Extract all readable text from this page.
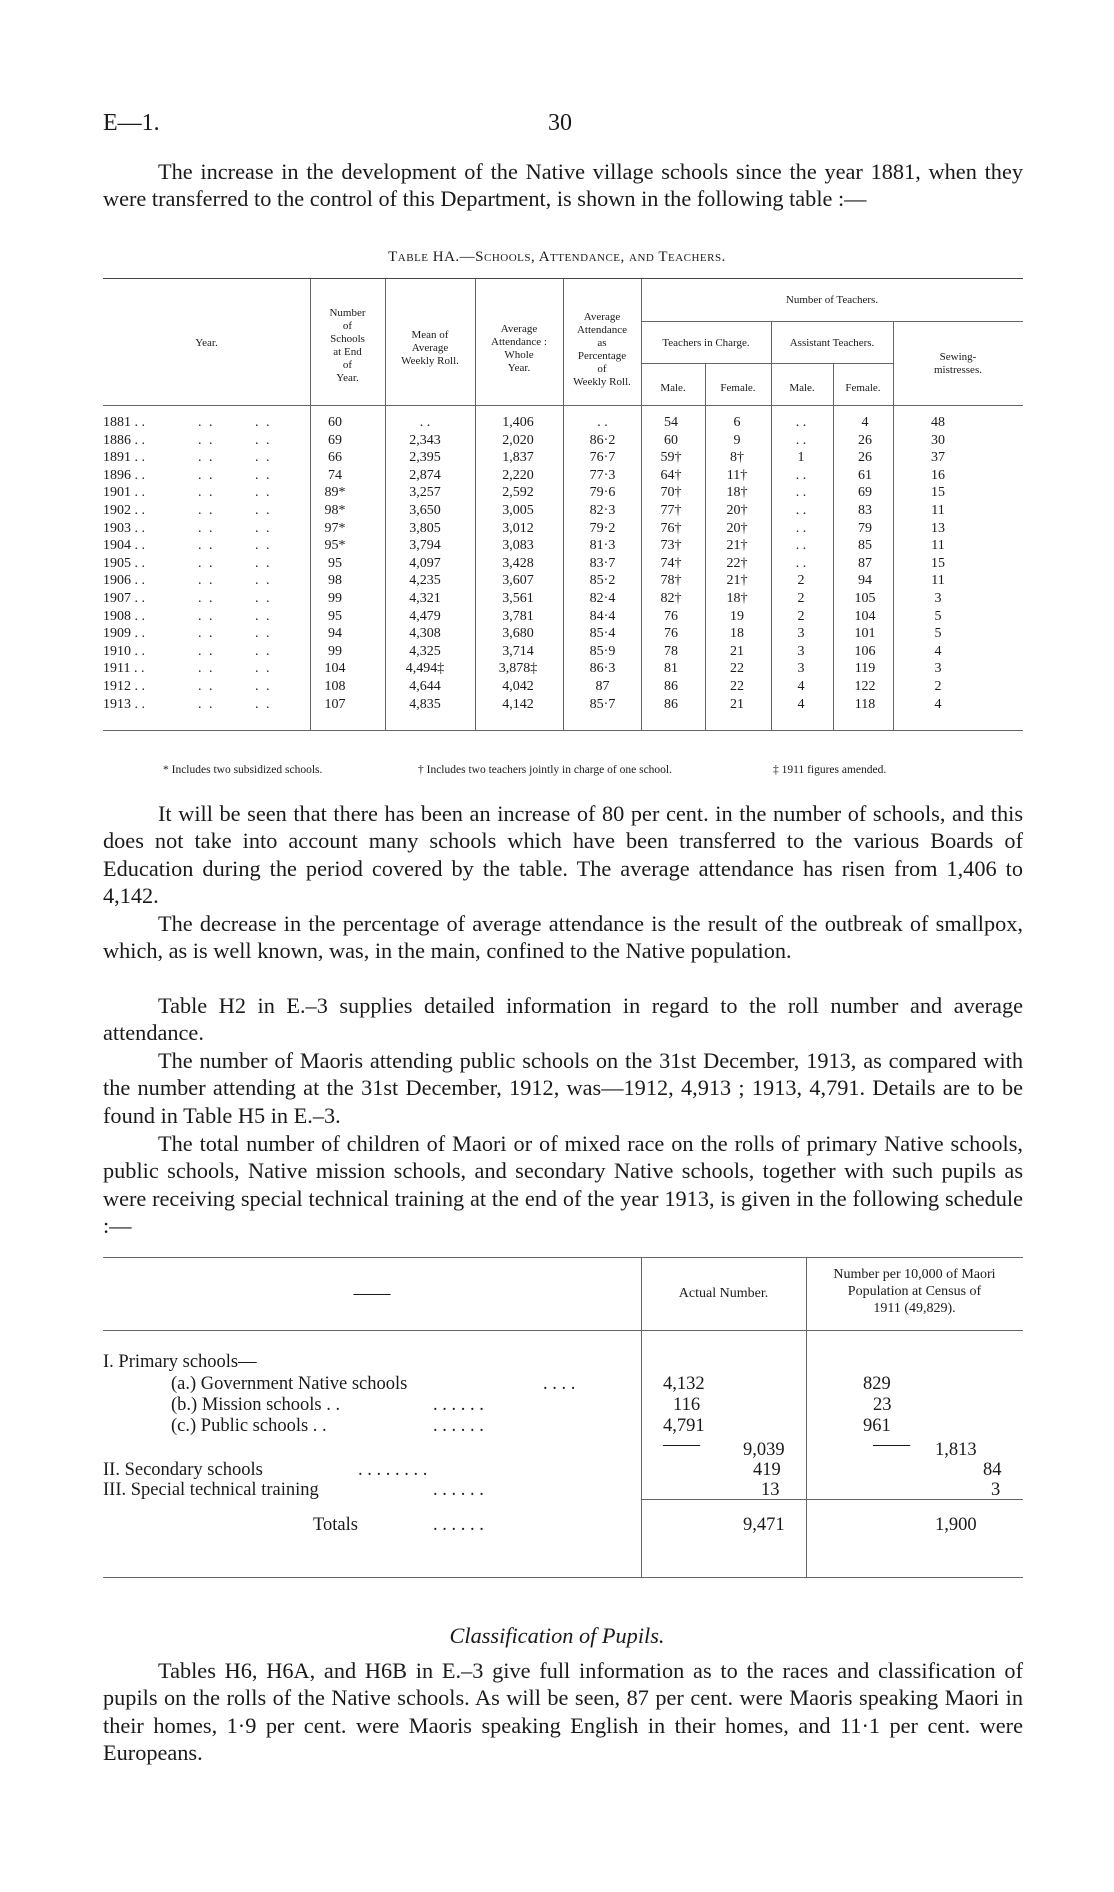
E—1.	30
The increase in the development of the Native village schools since the year 1881, when they were transferred to the control of this Department, is shown in the following table :—
Table HA.—Schools, Attendance, and Teachers.
Year.
Number
of
Schools
at End
of
Year.
Mean of
Average
Weekly Roll.
Average
Attendance :
Whole
Year.
Average
Attendance
as
Percentage
of
Weekly Roll.
Number of Teachers.
Teachers in Charge.	Assistant Teachers.
Sewing-
mistresses.
Male.	Female.	Male.	Female.
1881 . .	. .	. .	60	. .	1,406	. .	54	6	. .	4	48
1886 . .	. .	. .	69	2,343	2,020	86·2	60	9	. .	26	30
1891 . .	. .	. .	66	2,395	1,837	76·7	59†	8†	1	26	37
1896 . .	. .	. .	74	2,874	2,220	77·3	64†	11†	. .	61	16
1901 . .	. .	. .	89*	3,257	2,592	79·6	70†	18†	. .	69	15
1902 . .	. .	. .	98*	3,650	3,005	82·3	77†	20†	. .	83	11
1903 . .	. .	. .	97*	3,805	3,012	79·2	76†	20†	. .	79	13
1904 . .	. .	. .	95*	3,794	3,083	81·3	73†	21†	. .	85	11
1905 . .	. .	. .	95	4,097	3,428	83·7	74†	22†	. .	87	15
1906 . .	. .	. .	98	4,235	3,607	85·2	78†	21†	2	94	11
1907 . .	. .	. .	99	4,321	3,561	82·4	82†	18†	2	105	3
1908 . .	. .	. .	95	4,479	3,781	84·4	76	19	2	104	5
1909 . .	. .	. .	94	4,308	3,680	85·4	76	18	3	101	5
1910 . .	. .	. .	99	4,325	3,714	85·9	78	21	3	106	4
1911 . .	. .	. .	104	4,494‡	3,878‡	86·3	81	22	3	119	3
1912 . .	. .	. .	108	4,644	4,042	87	86	22	4	122	2
1913 . .	. .	. .	107	4,835	4,142	85·7	86	21	4	118	4
* Includes two subsidized schools.	† Includes two teachers jointly in charge of one school.	‡ 1911 figures amended.
It will be seen that there has been an increase of 80 per cent. in the number of schools, and this does not take into account many schools which have been transferred to the various Boards of Education during the period covered by the table. The average attendance has risen from 1,406 to 4,142.
The decrease in the percentage of average attendance is the result of the outbreak of smallpox, which, as is well known, was, in the main, confined to the Native population.
Table H2 in E.–3 supplies detailed information in regard to the roll number and average attendance.
The number of Maoris attending public schools on the 31st December, 1913, as compared with the number attending at the 31st December, 1912, was—1912, 4,913 ; 1913, 4,791. Details are to be found in Table H5 in E.–3.
The total number of children of Maori or of mixed race on the rolls of primary Native schools, public schools, Native mission schools, and secondary Native schools, together with such pupils as were receiving special technical training at the end of the year 1913, is given in the following schedule :—
——	Actual Number.
Number per 10,000 of Maori
Population at Census of
1911 (49,829).
I. Primary schools—
(a.) Government Native schools	. . . .	4,132	829
(b.) Mission schools . .	. . . . . .	116	23
(c.) Public schools . .	. . . . . .	4,791	961
—— 9,039	—— 1,813
II. Secondary schools	. . . . . . . .	419	84
III. Special technical training	. . . . . .	13	3
Totals	. . . . . .	9,471	1,900
Classification of Pupils.
Tables H6, H6A, and H6B in E.–3 give full information as to the races and classification of pupils on the rolls of the Native schools. As will be seen, 87 per cent. were Maoris speaking Maori in their homes, 1·9 per cent. were Maoris speaking English in their homes, and 11·1 per cent. were Europeans.
